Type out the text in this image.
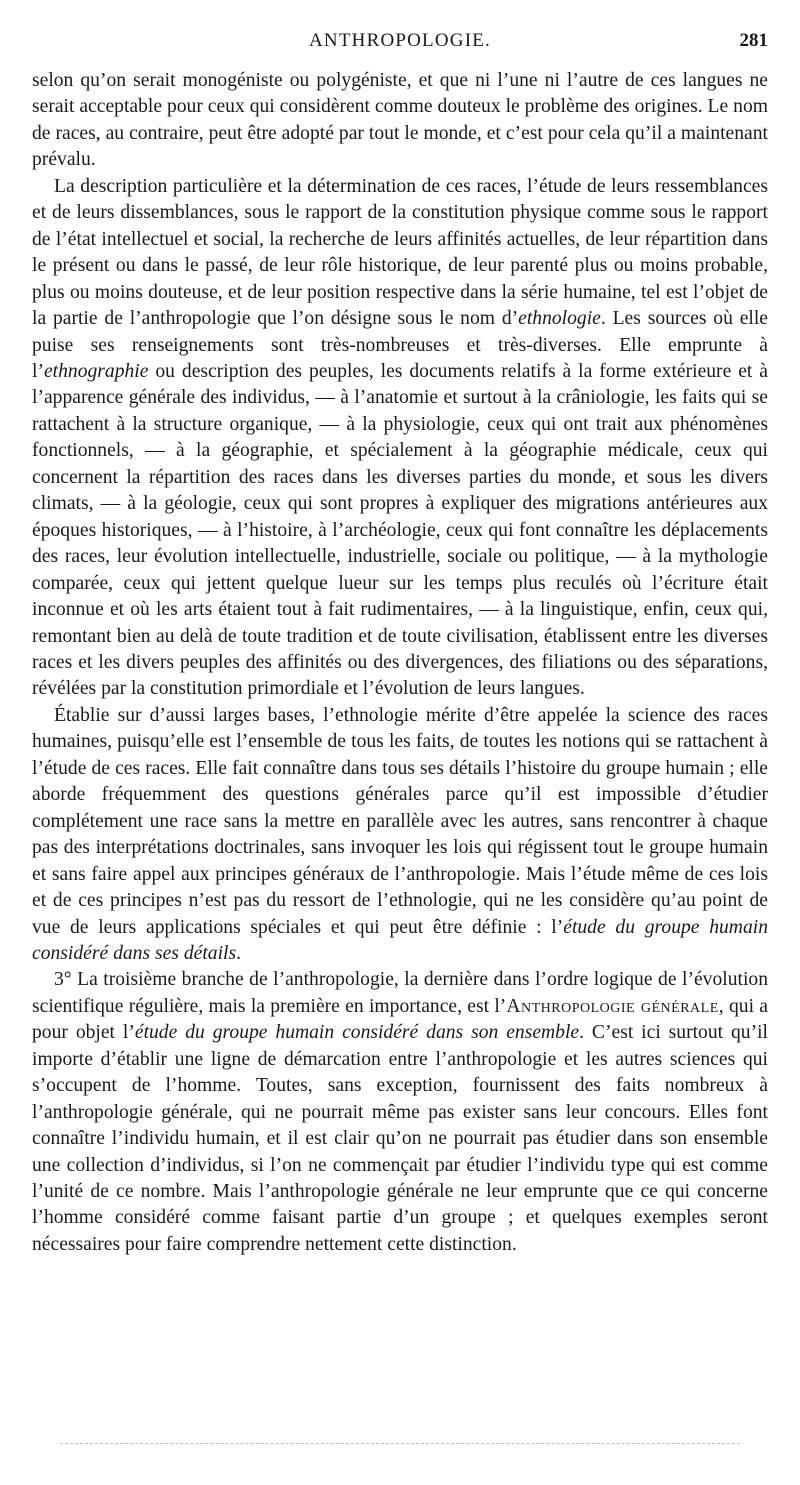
ANTHROPOLOGIE.	281

selon qu’on serait monogéniste ou polygéniste, et que ni l’une ni l’autre de ces langues ne serait acceptable pour ceux qui considèrent comme douteux le problème des origines. Le nom de races, au contraire, peut être adopté par tout le monde, et c’est pour cela qu’il a maintenant prévalu.

La description particulière et la détermination de ces races, l’étude de leurs ressemblances et de leurs dissemblances, sous le rapport de la constitution physique comme sous le rapport de l’état intellectuel et social, la recherche de leurs affinités actuelles, de leur répartition dans le présent ou dans le passé, de leur rôle historique, de leur parenté plus ou moins probable, plus ou moins douteuse, et de leur position respective dans la série humaine, tel est l’objet de la partie de l’anthropologie que l’on désigne sous le nom d’ethnologie. Les sources où elle puise ses renseignements sont très-nombreuses et très-diverses. Elle emprunte à l’ethnographie ou description des peuples, les documents relatifs à la forme extérieure et à l’apparence générale des individus, — à l’anatomie et surtout à la crâniologie, les faits qui se rattachent à la structure organique, — à la physiologie, ceux qui ont trait aux phénomènes fonctionnels, — à la géographie, et spécialement à la géographie médicale, ceux qui concernent la répartition des races dans les diverses parties du monde, et sous les divers climats, — à la géologie, ceux qui sont propres à expliquer des migrations antérieures aux époques historiques, — à l’histoire, à l’archéologie, ceux qui font connaître les déplacements des races, leur évolution intellectuelle, industrielle, sociale ou politique, — à la mythologie comparée, ceux qui jettent quelque lueur sur les temps plus reculés où l’écriture était inconnue et où les arts étaient tout à fait rudimentaires, — à la linguistique, enfin, ceux qui, remontant bien au delà de toute tradition et de toute civilisation, établissent entre les diverses races et les divers peuples des affinités ou des divergences, des filiations ou des séparations, révélées par la constitution primordiale et l’évolution de leurs langues.

Établie sur d’aussi larges bases, l’ethnologie mérite d’être appelée la science des races humaines, puisqu’elle est l’ensemble de tous les faits, de toutes les notions qui se rattachent à l’étude de ces races. Elle fait connaître dans tous ses détails l’histoire du groupe humain ; elle aborde fréquemment des questions générales parce qu’il est impossible d’étudier complétement une race sans la mettre en parallèle avec les autres, sans rencontrer à chaque pas des interprétations doctrinales, sans invoquer les lois qui régissent tout le groupe humain et sans faire appel aux principes généraux de l’anthropologie. Mais l’étude même de ces lois et de ces principes n’est pas du ressort de l’ethnologie, qui ne les considère qu’au point de vue de leurs applications spéciales et qui peut être définie : l’étude du groupe humain considéré dans ses détails.

3° La troisième branche de l’anthropologie, la dernière dans l’ordre logique de l’évolution scientifique régulière, mais la première en importance, est l’Anthropologie générale, qui a pour objet l’étude du groupe humain considéré dans son ensemble. C’est ici surtout qu’il importe d’établir une ligne de démarcation entre l’anthropologie et les autres sciences qui s’occupent de l’homme. Toutes, sans exception, fournissent des faits nombreux à l’anthropologie générale, qui ne pourrait même pas exister sans leur concours. Elles font connaître l’individu humain, et il est clair qu’on ne pourrait pas étudier dans son ensemble une collection d’individus, si l’on ne commençait par étudier l’individu type qui est comme l’unité de ce nombre. Mais l’anthropologie générale ne leur emprunte que ce qui concerne l’homme considéré comme faisant partie d’un groupe ; et quelques exemples seront nécessaires pour faire comprendre nettement cette distinction.
